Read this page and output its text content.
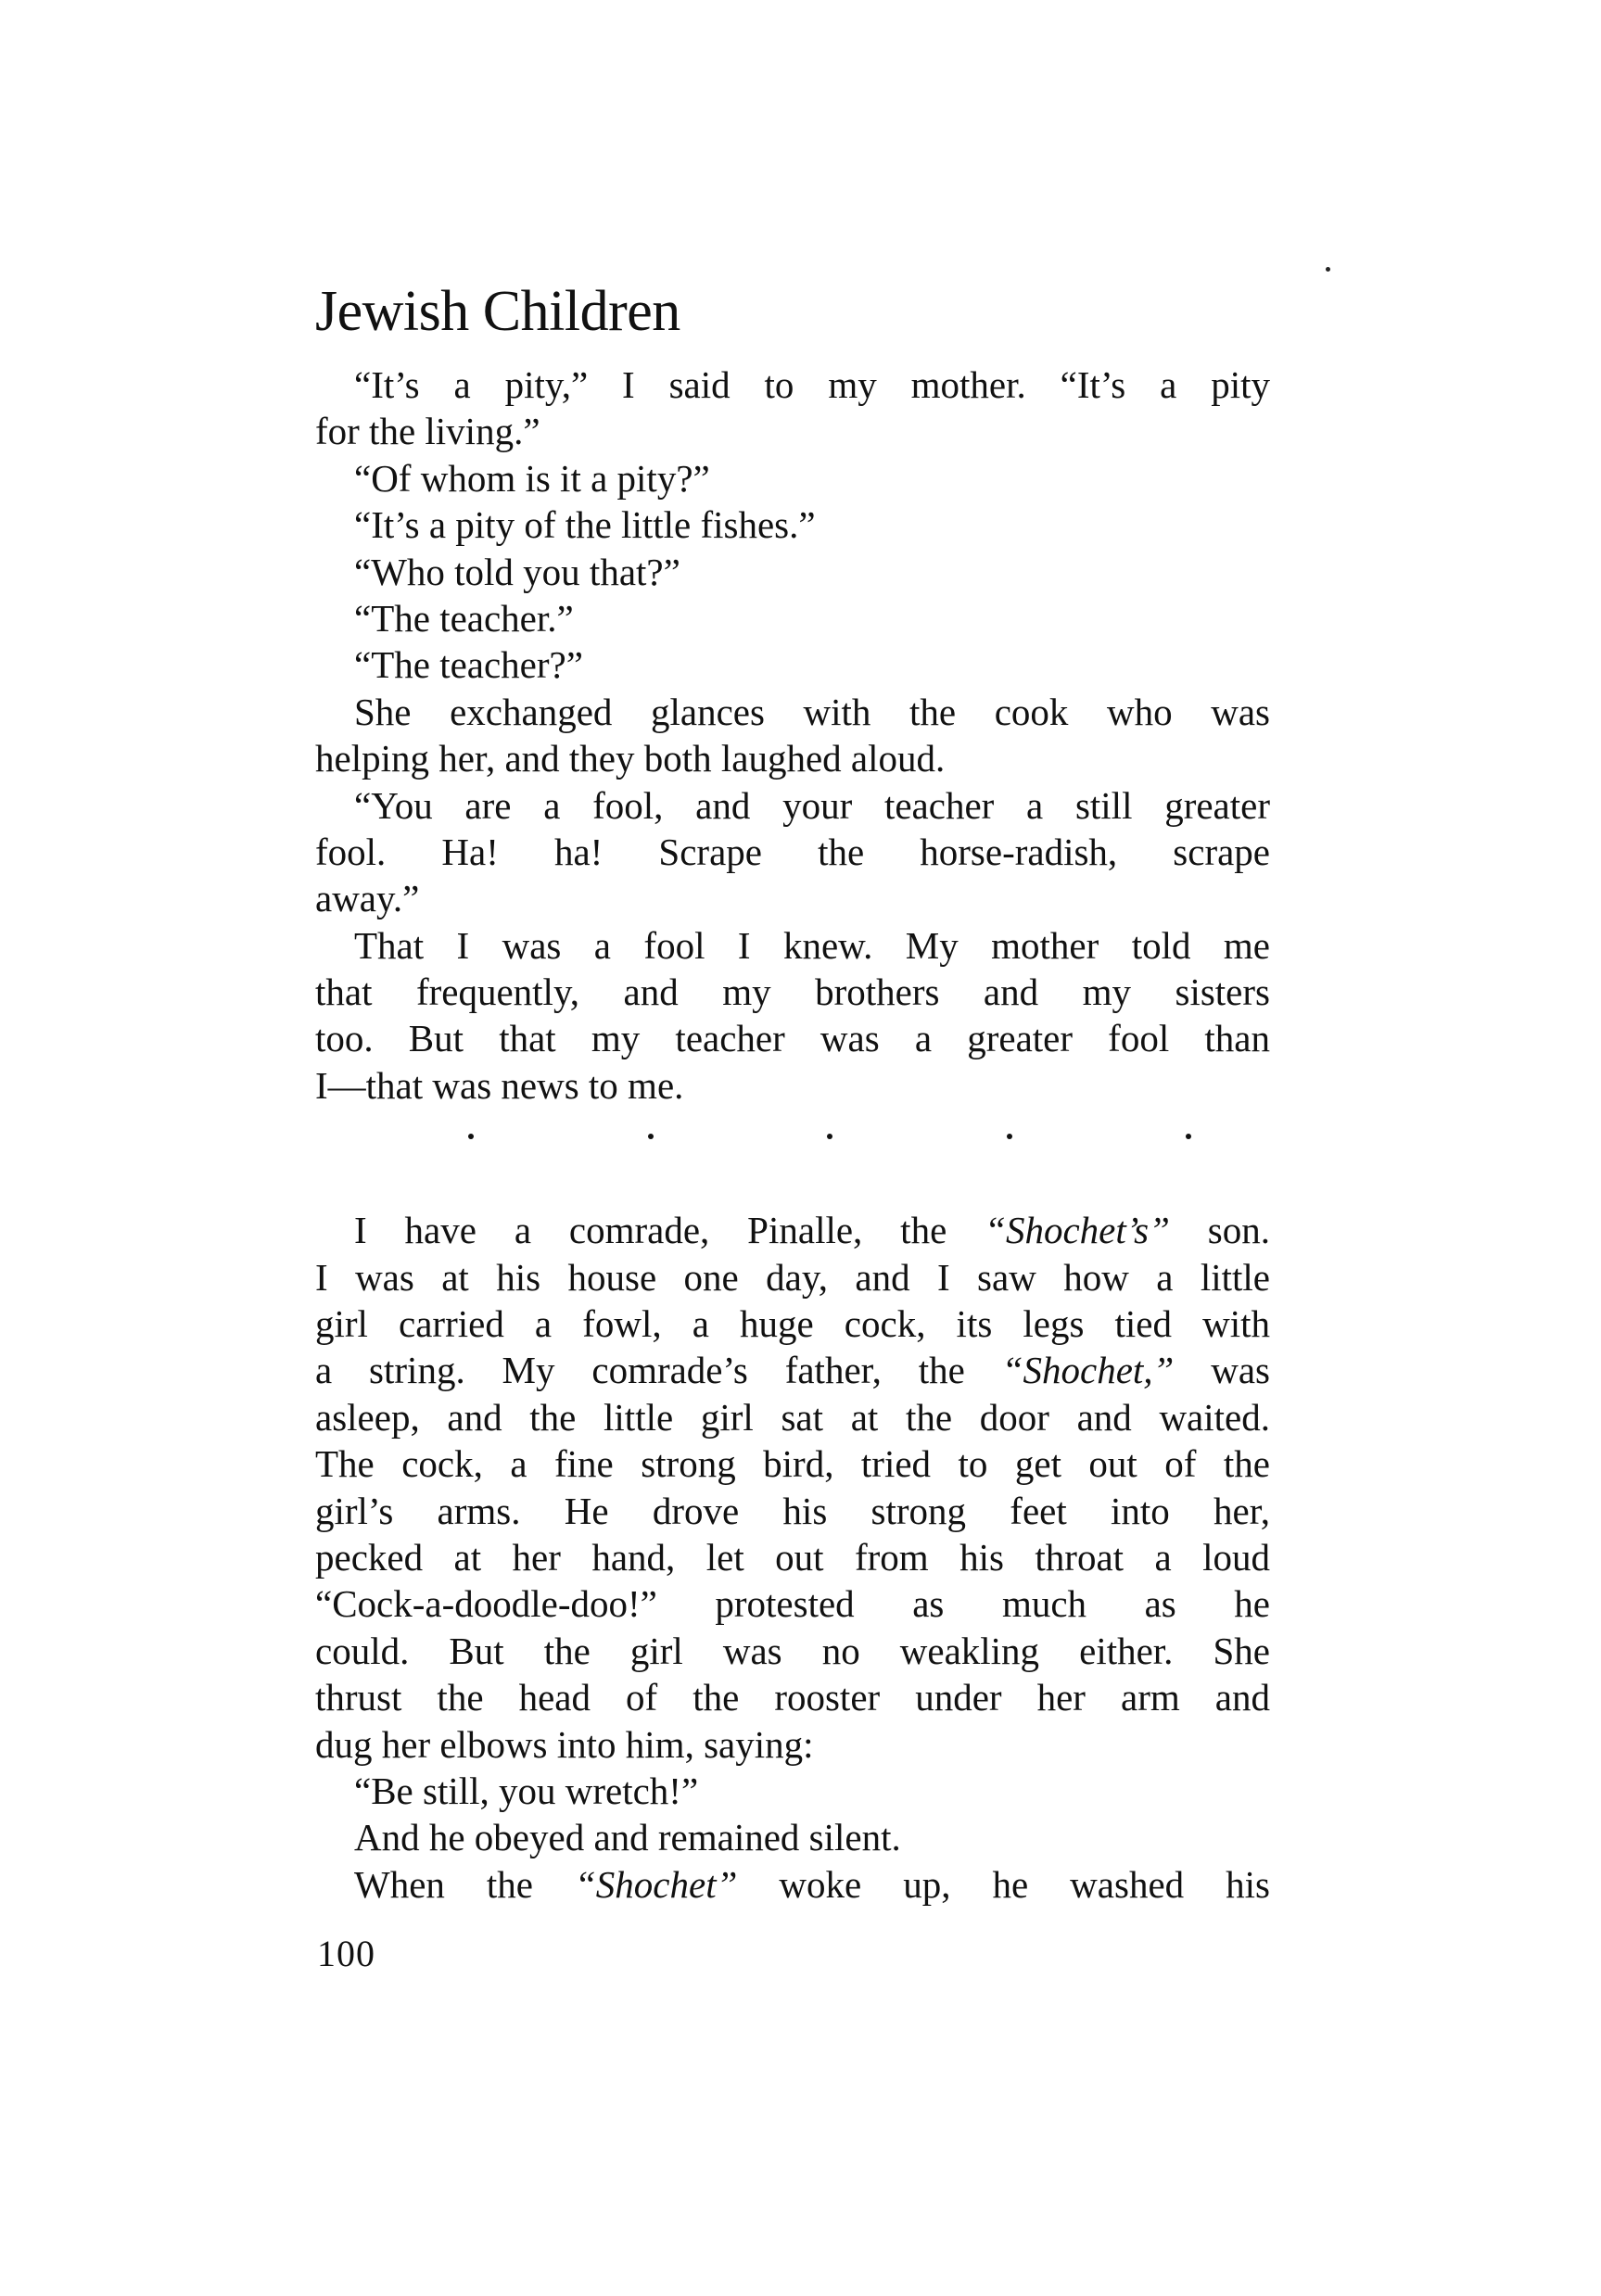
Jewish Children
“It’s a pity,” I said to my mother. “It’s a pity
for the living.”
“Of whom is it a pity?”
“It’s a pity of the little fishes.”
“Who told you that?”
“The teacher.”
“The teacher?”
She exchanged glances with the cook who was
helping her, and they both laughed aloud.
“You are a fool, and your teacher a still greater
fool. Ha! ha! Scrape the horse-radish, scrape
away.”
That I was a fool I knew. My mother told me
that frequently, and my brothers and my sisters
too. But that my teacher was a greater fool than
I—that was news to me.
I have a comrade, Pinalle, the “Shochet’s” son.
I was at his house one day, and I saw how a little
girl carried a fowl, a huge cock, its legs tied with
a string. My comrade’s father, the “Shochet,” was
asleep, and the little girl sat at the door and waited.
The cock, a fine strong bird, tried to get out of the
girl’s arms. He drove his strong feet into her,
pecked at her hand, let out from his throat a loud
“Cock-a-doodle-doo!” protested as much as he
could. But the girl was no weakling either. She
thrust the head of the rooster under her arm and
dug her elbows into him, saying:
“Be still, you wretch!”
And he obeyed and remained silent.
When the “Shochet” woke up, he washed his
100
